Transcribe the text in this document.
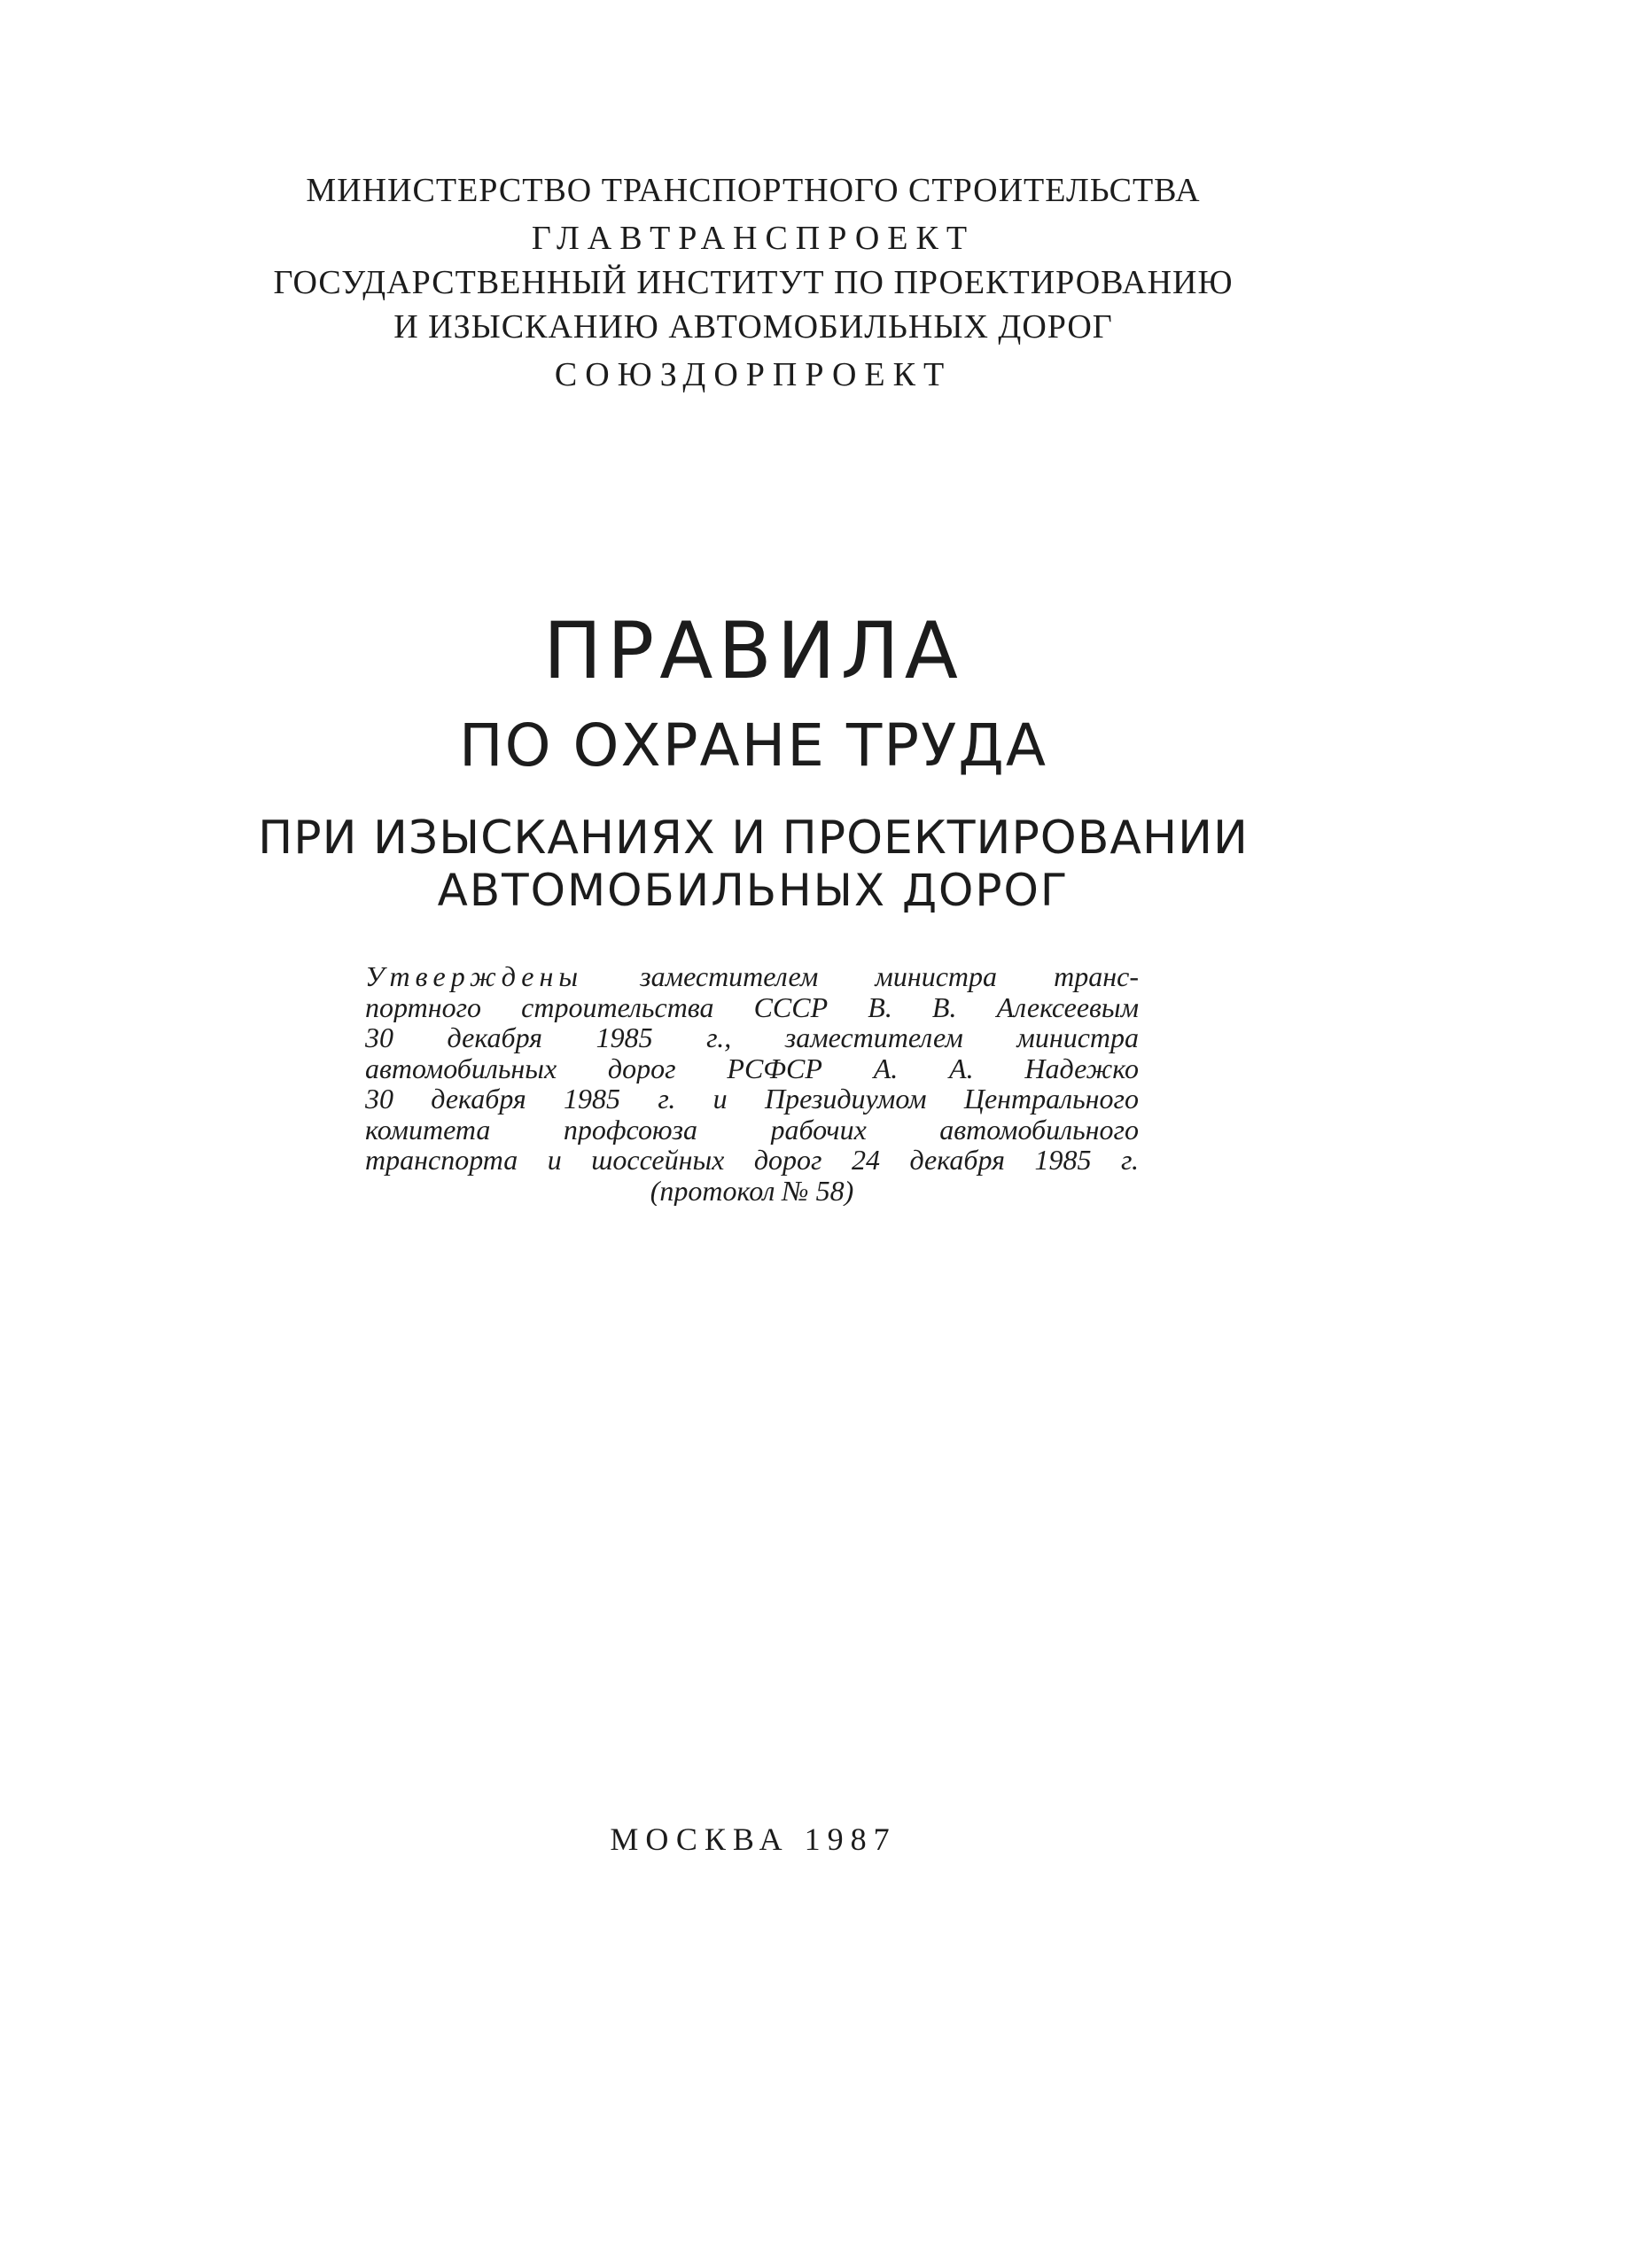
МИНИСТЕРСТВО ТРАНСПОРТНОГО СТРОИТЕЛЬСТВА
ГЛАВТРАНСПРОЕКТ
ГОСУДАРСТВЕННЫЙ ИНСТИТУТ ПО ПРОЕКТИРОВАНИЮ
И ИЗЫСКАНИЮ АВТОМОБИЛЬНЫХ ДОРОГ
СОЮЗДОРПРОЕКТ
ПРАВИЛА
ПО ОХРАНЕ ТРУДА
ПРИ ИЗЫСКАНИЯХ И ПРОЕКТИРОВАНИИ
АВТОМОБИЛЬНЫХ ДОРОГ
Утверждены заместителем министра транс-
портного строительства СССР В. В. Алексеевым
30 декабря 1985 г., заместителем министра
автомобильных дорог РСФСР А. А. Надежко
30 декабря 1985 г. и Президиумом Центрального
комитета профсоюза рабочих автомобильного
транспорта и шоссейных дорог 24 декабря 1985 г.
(протокол № 58)
МОСКВА 1987
